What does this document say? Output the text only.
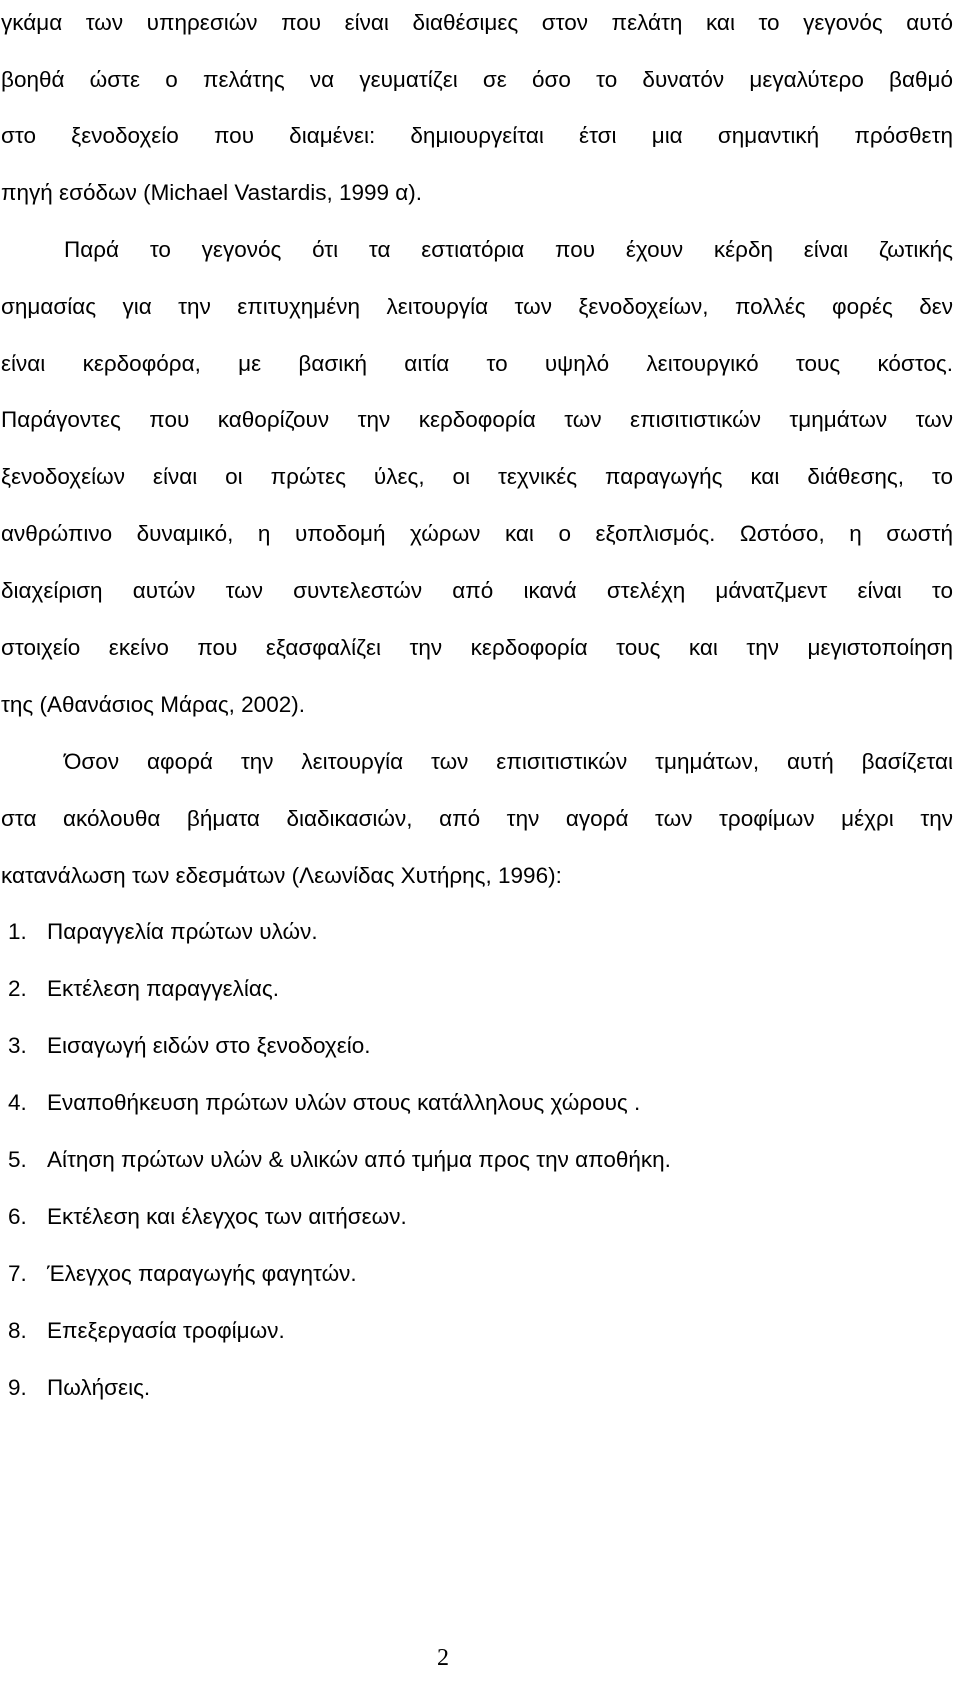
γκάμα των υπηρεσιών που είναι διαθέσιμες στον πελάτη και το γεγονός αυτό
βοηθά ώστε ο πελάτης να γευματίζει σε όσο το δυνατόν μεγαλύτερο βαθμό
στο ξενοδοχείο που διαμένει: δημιουργείται έτσι μια σημαντική πρόσθετη
πηγή εσόδων (Michael Vastardis, 1999 α).
Παρά το γεγονός ότι τα εστιατόρια που έχουν κέρδη είναι ζωτικής
σημασίας για την επιτυχημένη λειτουργία των ξενοδοχείων, πολλές φορές δεν
είναι κερδοφόρα, με βασική αιτία το υψηλό λειτουργικό τους κόστος.
Παράγοντες που καθορίζουν την κερδοφορία των επισιτιστικών τμημάτων των
ξενοδοχείων είναι οι πρώτες ύλες, οι τεχνικές παραγωγής και διάθεσης, το
ανθρώπινο δυναμικό, η υποδομή χώρων και ο εξοπλισμός. Ωστόσο, η σωστή
διαχείριση αυτών των συντελεστών από ικανά στελέχη μάνατζμεντ είναι το
στοιχείο εκείνο που εξασφαλίζει την κερδοφορία τους και την μεγιστοποίηση
της (Αθανάσιος Μάρας, 2002).
Όσον αφορά την λειτουργία των επισιτιστικών τμημάτων, αυτή βασίζεται
στα ακόλουθα βήματα διαδικασιών, από την αγορά των τροφίμων μέχρι την
κατανάλωση των εδεσμάτων (Λεωνίδας Χυτήρης, 1996):
1. Παραγγελία πρώτων υλών.
2. Εκτέλεση παραγγελίας.
3. Εισαγωγή ειδών στο ξενοδοχείο.
4. Εναποθήκευση πρώτων υλών στους κατάλληλους χώρους .
5. Αίτηση πρώτων υλών & υλικών από τμήμα προς την αποθήκη.
6. Εκτέλεση και έλεγχος των αιτήσεων.
7. Έλεγχος παραγωγής φαγητών.
8. Επεξεργασία τροφίμων.
9. Πωλήσεις.
2
